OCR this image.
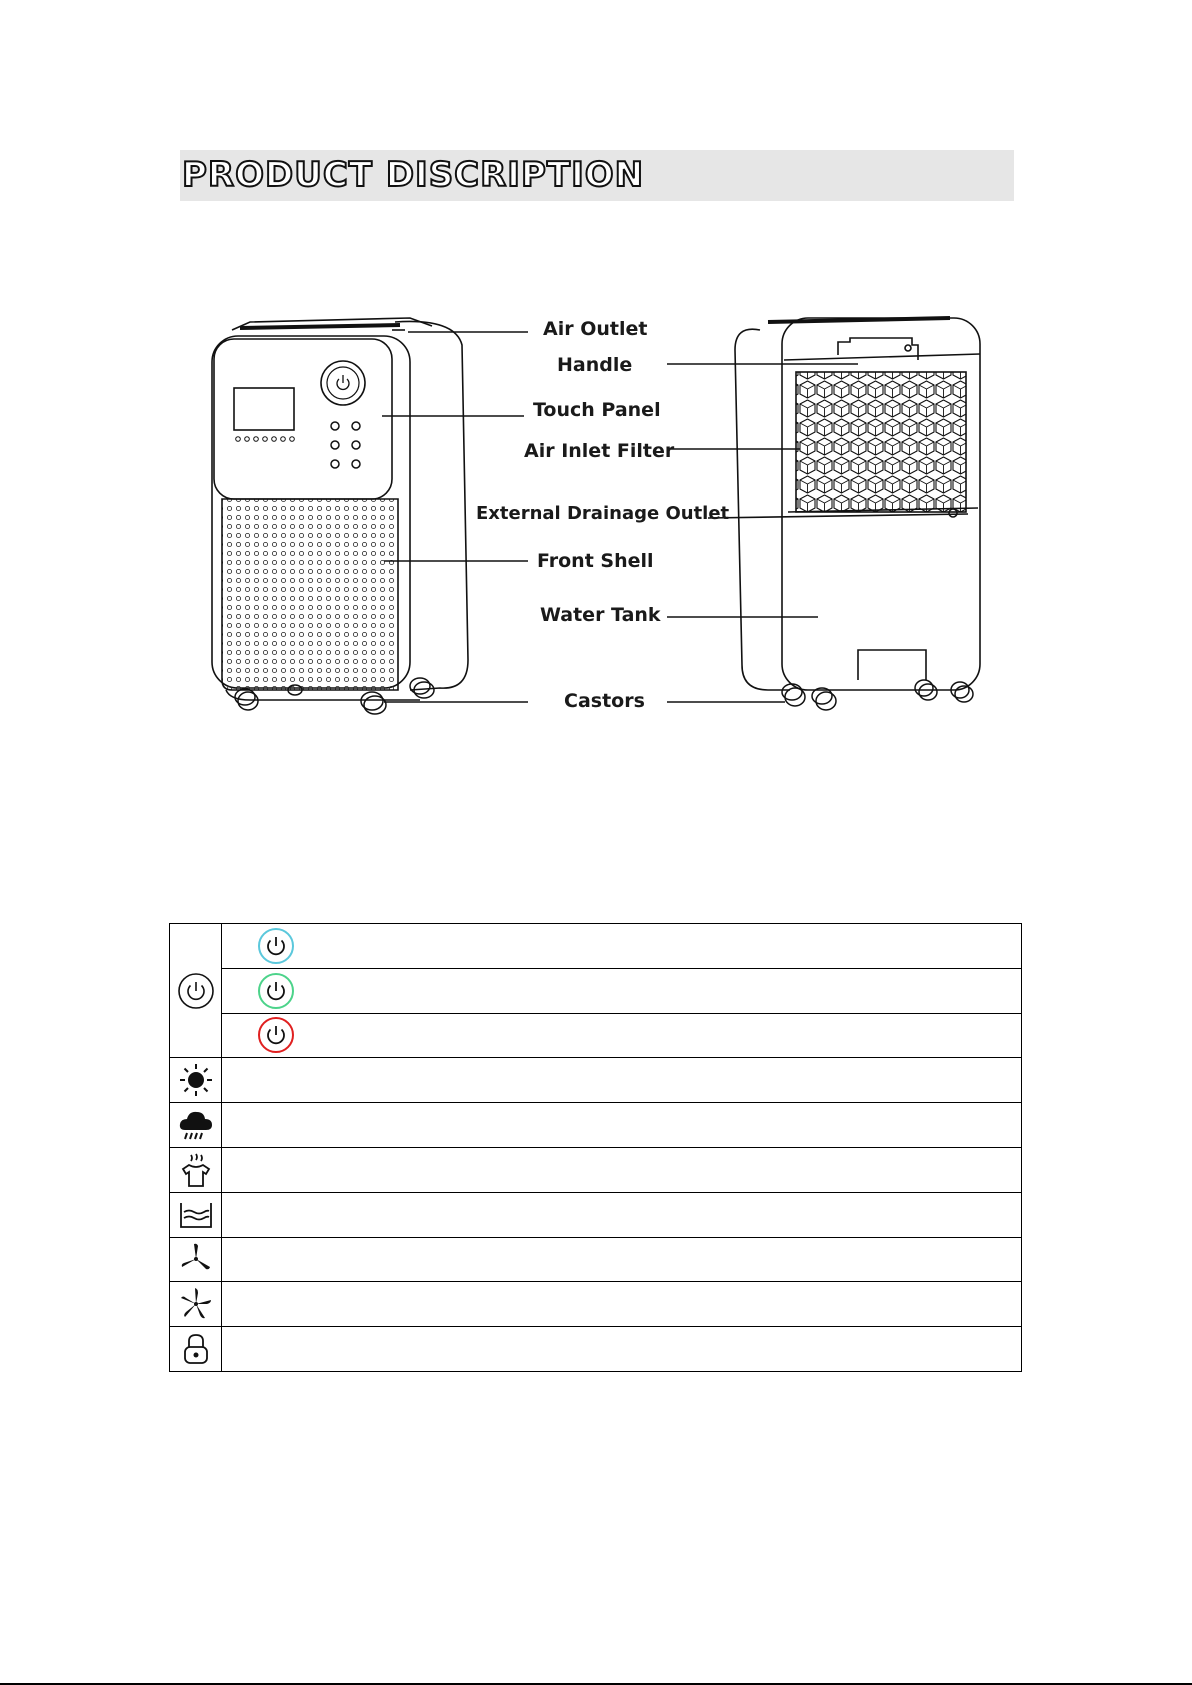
PRODUCT DISCRIPTION
Air Outlet
Handle
Touch Panel
Air Inlet Filter
External Drainage Outlet
Front Shell
Water Tank
Castors
